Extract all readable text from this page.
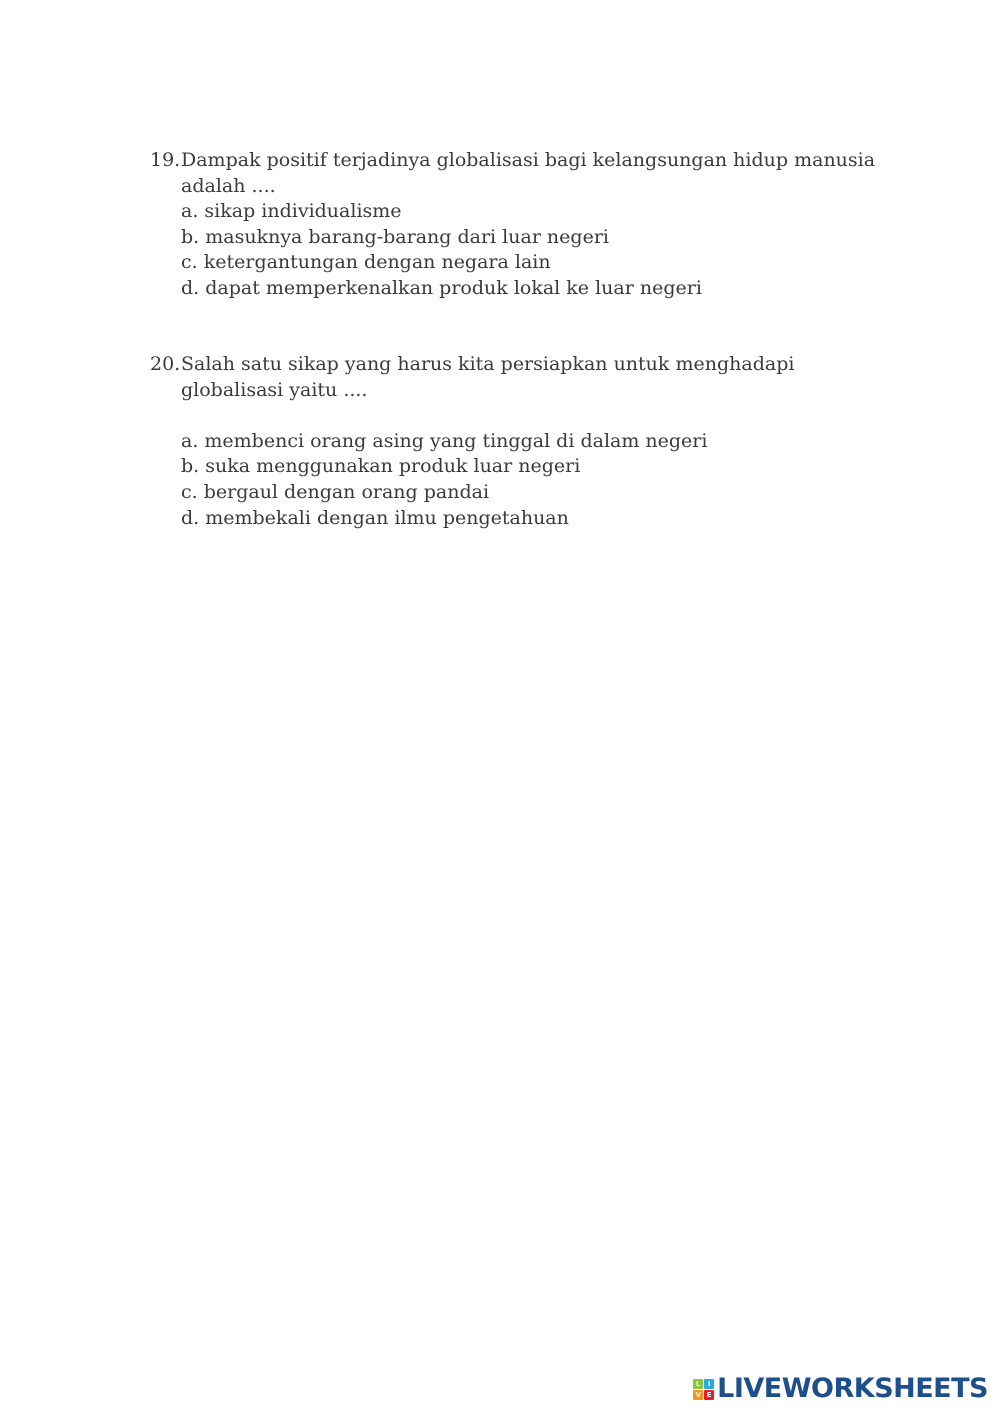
19. Dampak positif terjadinya globalisasi bagi kelangsungan hidup manusia adalah ....
a. sikap individualisme
b. masuknya barang-barang dari luar negeri
c. ketergantungan dengan negara lain
d. dapat memperkenalkan produk lokal ke luar negeri
20. Salah satu sikap yang harus kita persiapkan untuk menghadapi globalisasi yaitu ....
a. membenci orang asing yang tinggal di dalam negeri
b. suka menggunakan produk luar negeri
c. bergaul dengan orang pandai
d. membekali dengan ilmu pengetahuan
L	I
V E LIVEWORKSHEETS
